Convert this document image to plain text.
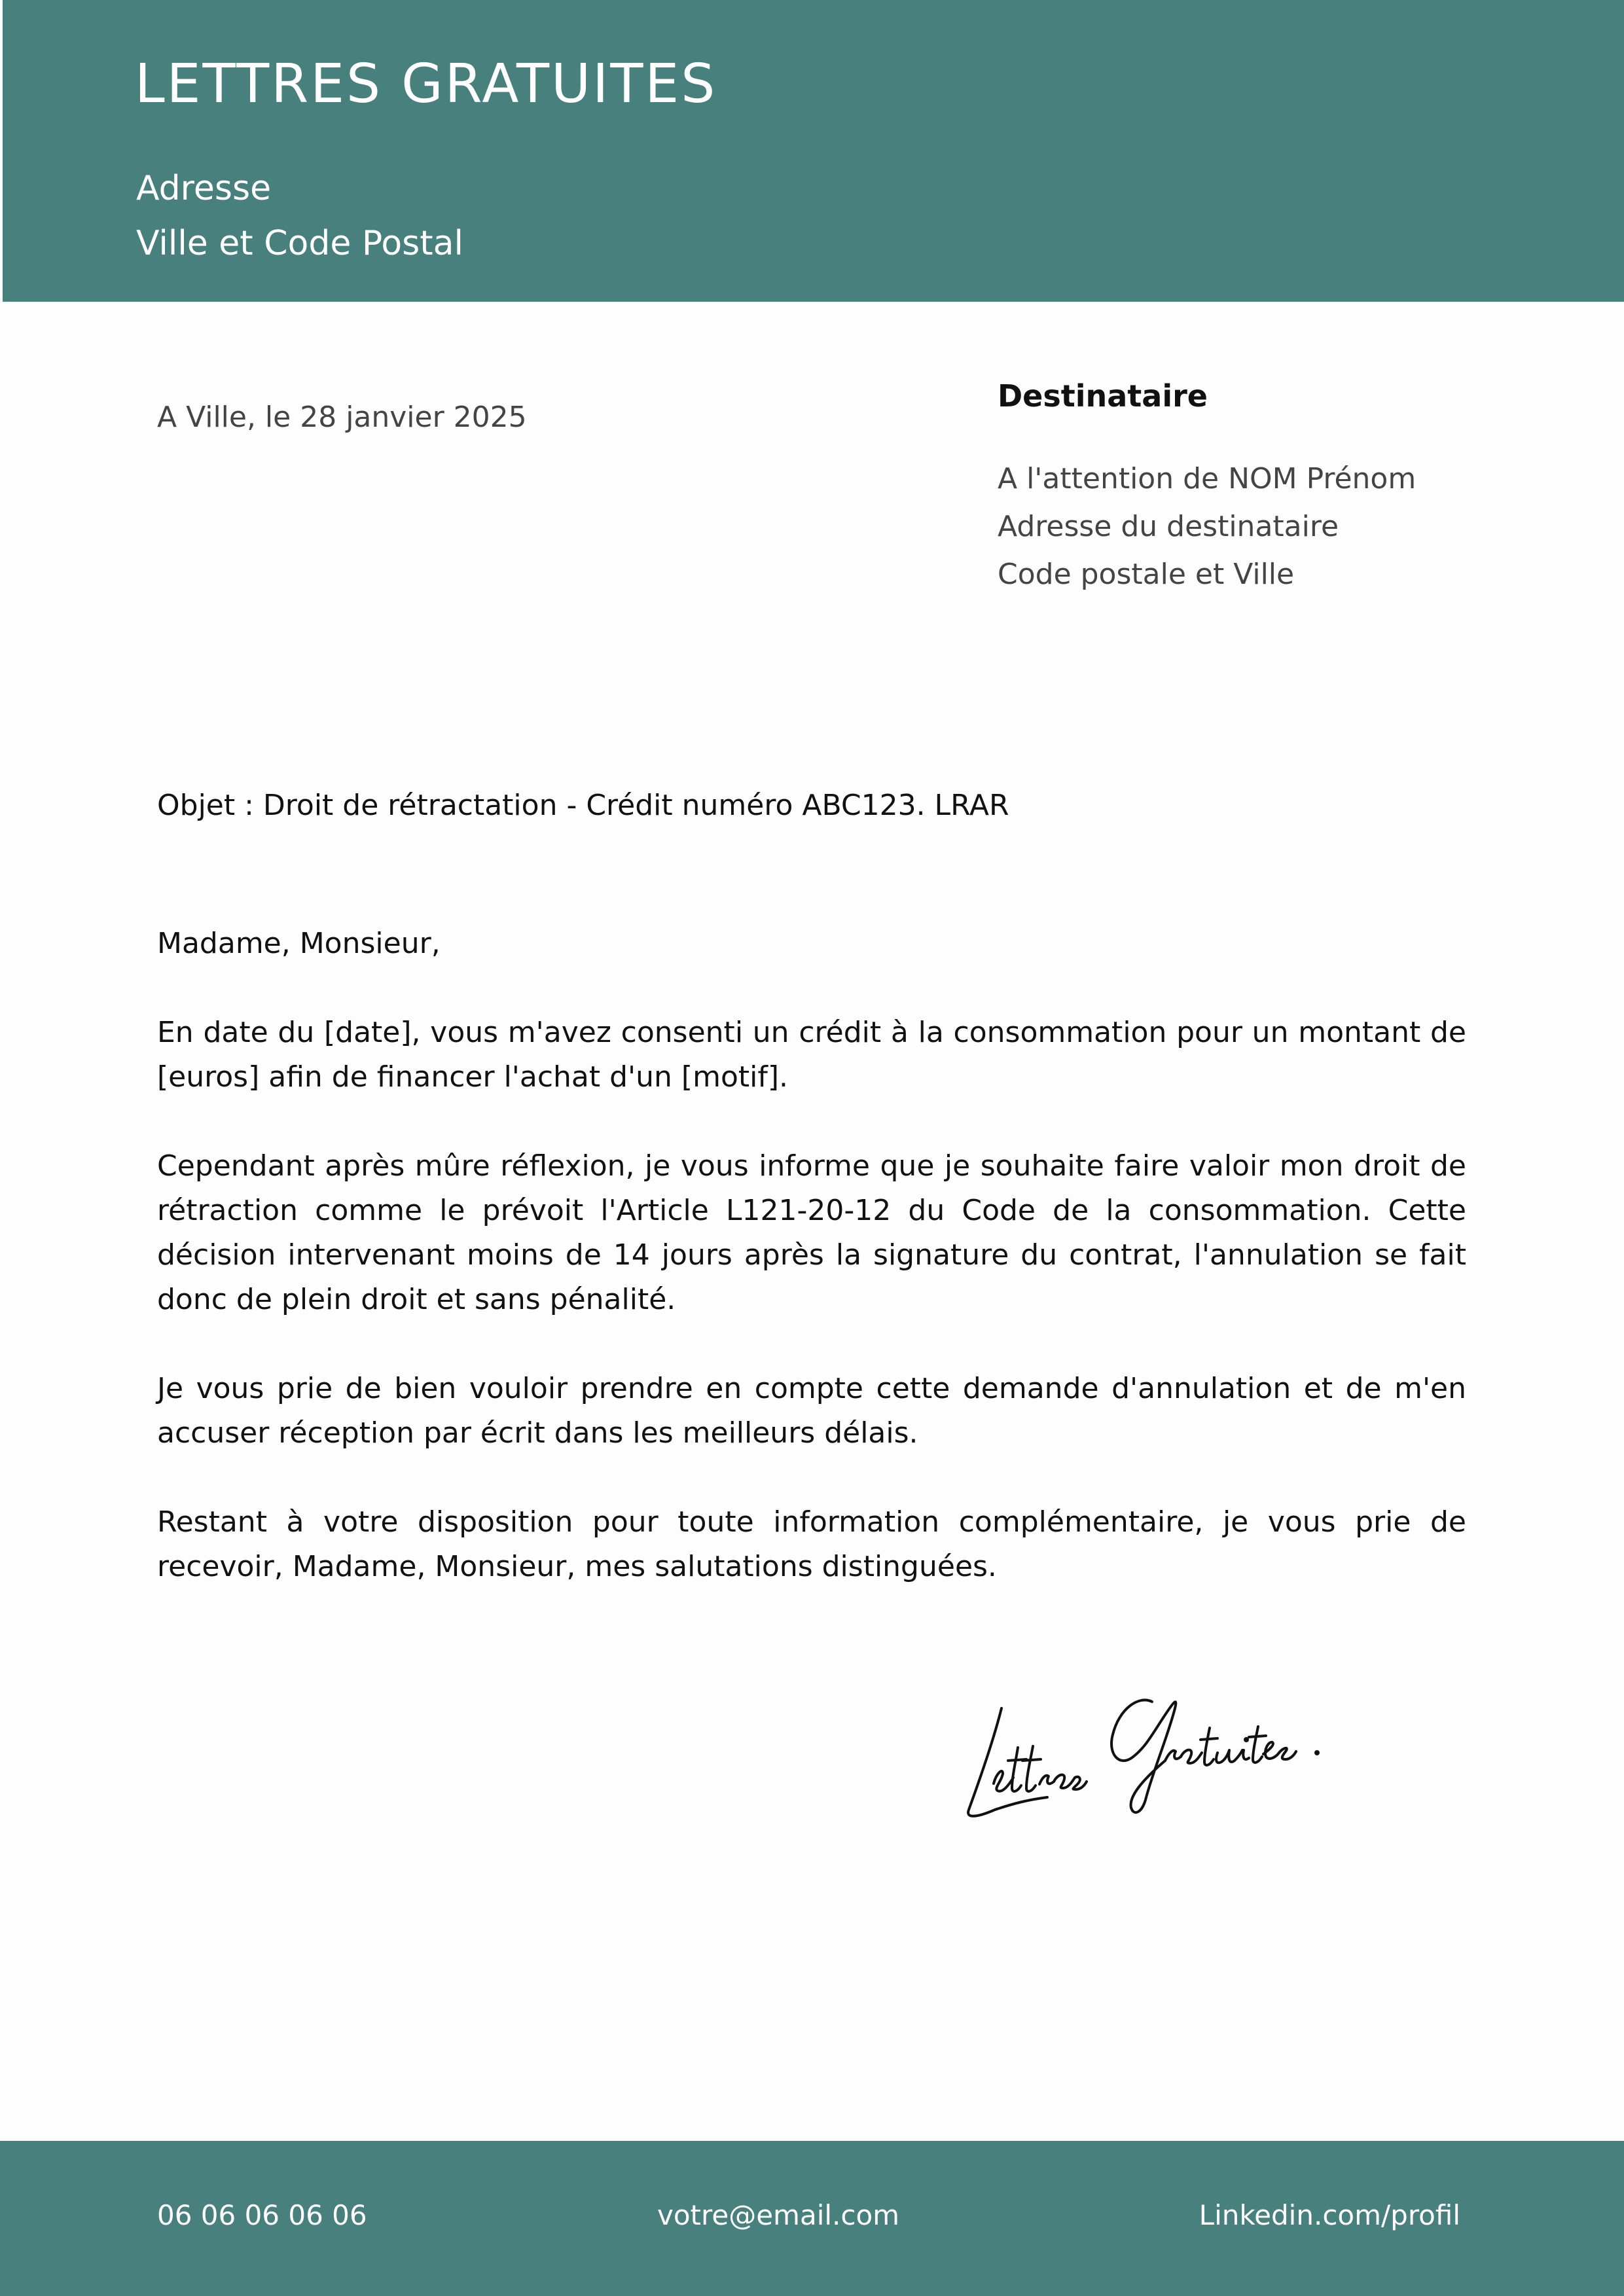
LETTRES GRATUITES
Adresse
Ville et Code Postal
A Ville, le 28 janvier 2025
Destinataire
A l'attention de NOM Prénom
Adresse du destinataire
Code postale et Ville
Objet : Droit de rétractation - Crédit numéro ABC123. LRAR

Madame, Monsieur,

En date du [date], vous m'avez consenti un crédit à la consommation pour un montant de [euros] afin de financer l'achat d'un [motif].

Cependant après mûre réflexion, je vous informe que je souhaite faire valoir mon droit de rétraction comme le prévoit l'Article L121-20-12 du Code de la consommation. Cette décision intervenant moins de 14 jours après la signature du contrat, l'annulation se fait donc de plein droit et sans pénalité.

Je vous prie de bien vouloir prendre en compte cette demande d'annulation et de m'en accuser réception par écrit dans les meilleurs délais.

Restant à votre disposition pour toute information complémentaire, je vous prie de recevoir, Madame, Monsieur, mes salutations distinguées.

06 06 06 06 06	votre@email.com	Linkedin.com/profil
